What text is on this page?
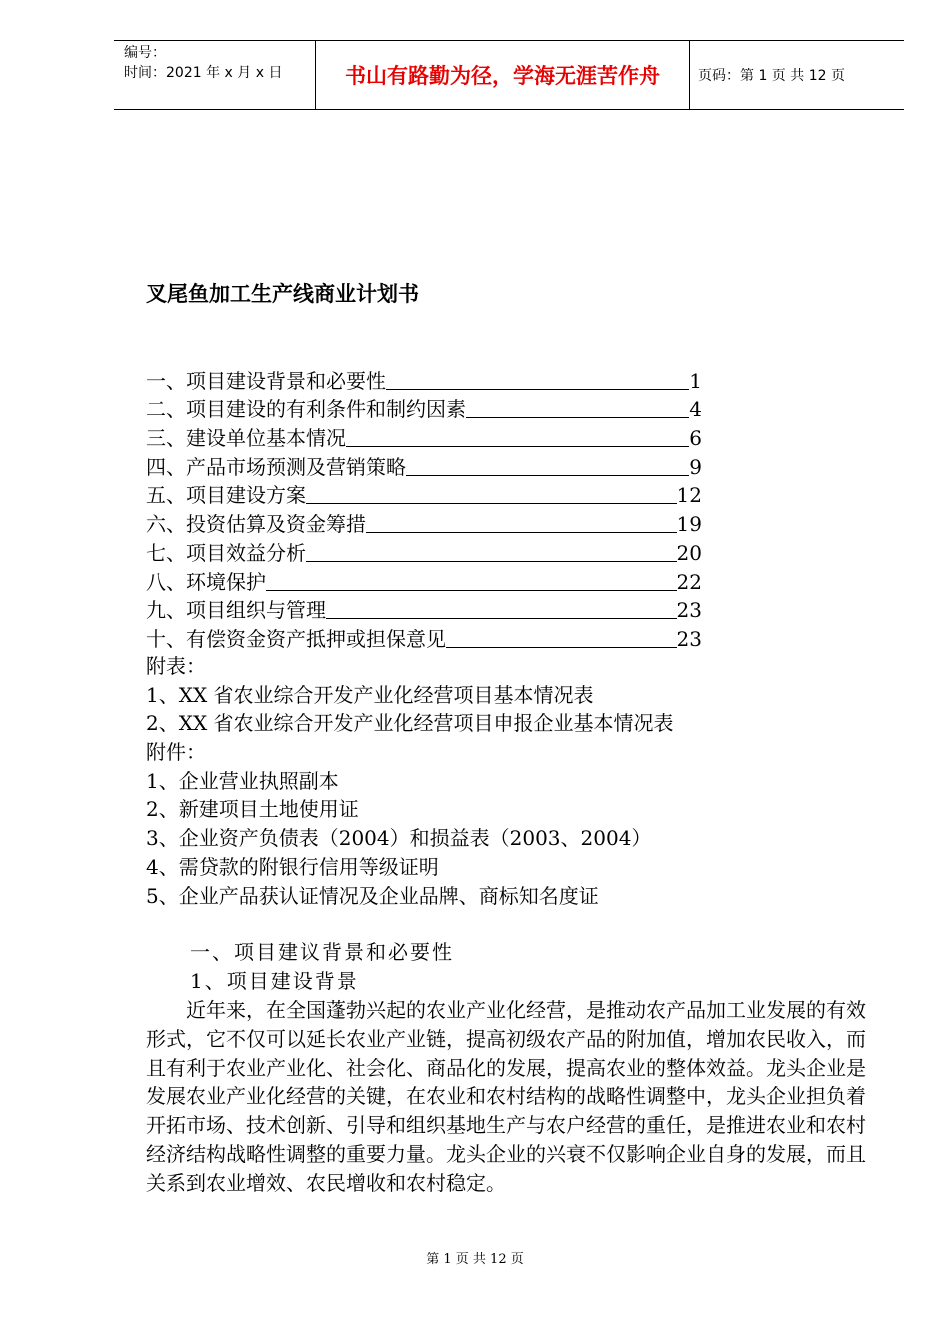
编号：
时间：2021 年 x 月 x 日	书山有路勤为径，学海无涯苦作舟	页码：第 1 页 共 12 页
叉尾鱼加工生产线商业计划书
一、项目建设背景和必要性	1
二、项目建设的有利条件和制约因素	4
三、建设单位基本情况	6
四、产品市场预测及营销策略	9
五、项目建设方案	12
六、投资估算及资金筹措	19
七、项目效益分析	20
八、环境保护	22
九、项目组织与管理	23
十、有偿资金资产抵押或担保意见	23
附表：
1、XX 省农业综合开发产业化经营项目基本情况表
2、XX 省农业综合开发产业化经营项目申报企业基本情况表
附件：
1、企业营业执照副本
2、新建项目土地使用证
3、企业资产负债表（2004）和损益表（2003、2004）
4、需贷款的附银行信用等级证明
5、企业产品获认证情况及企业品牌、商标知名度证
一、项目建议背景和必要性
1、项目建设背景

近年来，在全国蓬勃兴起的农业产业化经营，是推动农产品加工业发展的有效形式，它不仅可以延长农业产业链，提高初级农产品的附加值，增加农民收入，而且有利于农业产业化、社会化、商品化的发展，提高农业的整体效益。龙头企业是发展农业产业化经营的关键，在农业和农村结构的战略性调整中，龙头企业担负着开拓市场、技术创新、引导和组织基地生产与农户经营的重任，是推进农业和农村经济结构战略性调整的重要力量。龙头企业的兴衰不仅影响企业自身的发展，而且关系到农业增效、农民增收和农村稳定。

第 1 页 共 12 页
